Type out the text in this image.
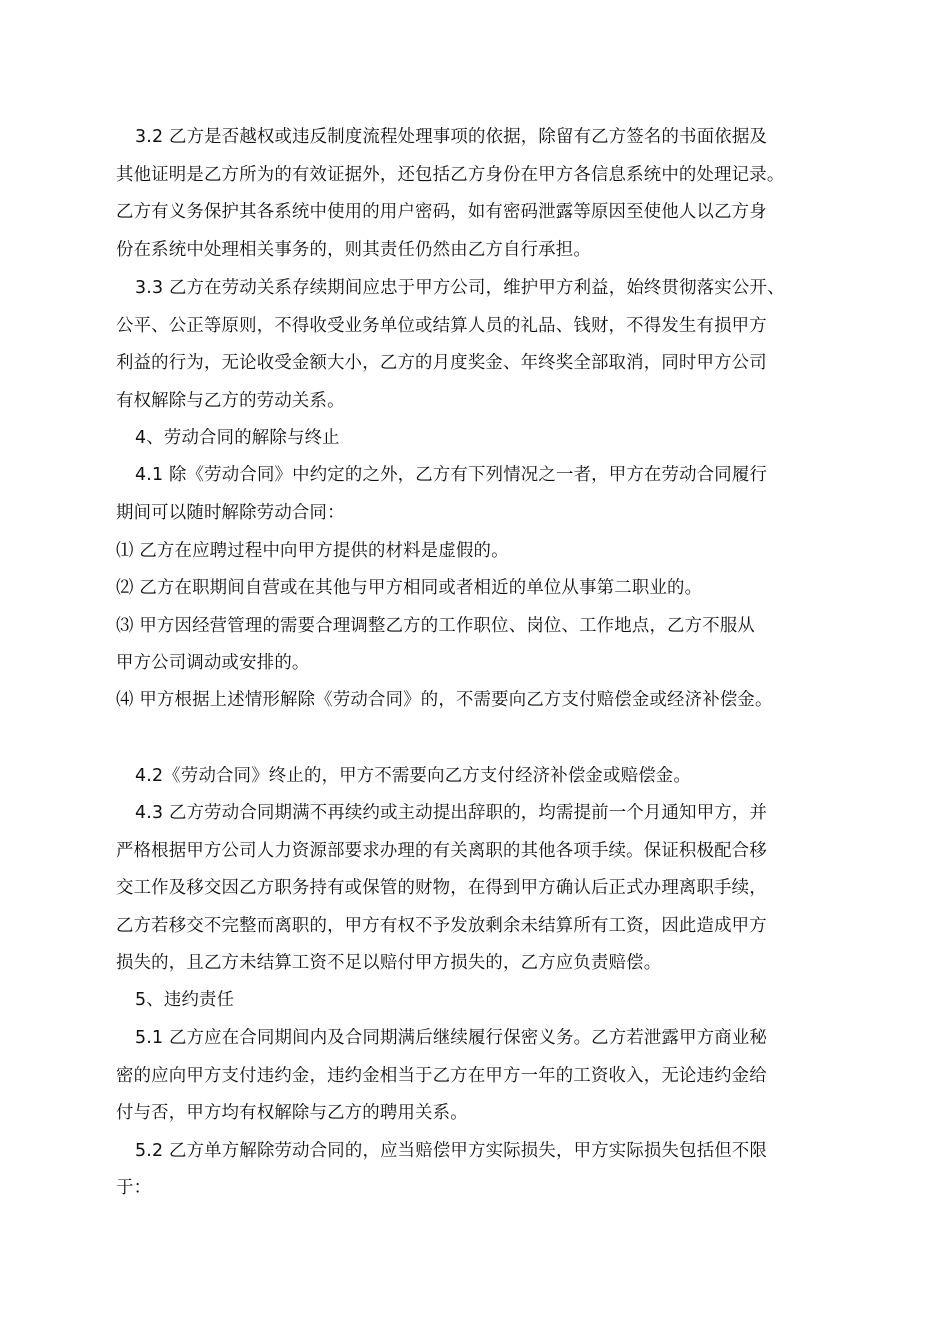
3.2 乙方是否越权或违反制度流程处理事项的依据，除留有乙方签名的书面依据及
其他证明是乙方所为的有效证据外，还包括乙方身份在甲方各信息系统中的处理记录。
乙方有义务保护其各系统中使用的用户密码，如有密码泄露等原因至使他人以乙方身
份在系统中处理相关事务的，则其责任仍然由乙方自行承担。
3.3 乙方在劳动关系存续期间应忠于甲方公司，维护甲方利益，始终贯彻落实公开、
公平、公正等原则，不得收受业务单位或结算人员的礼品、钱财，不得发生有损甲方
利益的行为，无论收受金额大小，乙方的月度奖金、年终奖全部取消，同时甲方公司
有权解除与乙方的劳动关系。
4、劳动合同的解除与终止
4.1 除《劳动合同》中约定的之外，乙方有下列情况之一者，甲方在劳动合同履行
期间可以随时解除劳动合同：
⑴ 乙方在应聘过程中向甲方提供的材料是虚假的。
⑵ 乙方在职期间自营或在其他与甲方相同或者相近的单位从事第二职业的。
⑶ 甲方因经营管理的需要合理调整乙方的工作职位、岗位、工作地点，乙方不服从
甲方公司调动或安排的。
⑷ 甲方根据上述情形解除《劳动合同》的，不需要向乙方支付赔偿金或经济补偿金。
4.2《劳动合同》终止的，甲方不需要向乙方支付经济补偿金或赔偿金。
4.3 乙方劳动合同期满不再续约或主动提出辞职的，均需提前一个月通知甲方，并
严格根据甲方公司人力资源部要求办理的有关离职的其他各项手续。保证积极配合移
交工作及移交因乙方职务持有或保管的财物，在得到甲方确认后正式办理离职手续，
乙方若移交不完整而离职的，甲方有权不予发放剩余未结算所有工资，因此造成甲方
损失的，且乙方未结算工资不足以赔付甲方损失的，乙方应负责赔偿。
5、违约责任
5.1 乙方应在合同期间内及合同期满后继续履行保密义务。乙方若泄露甲方商业秘
密的应向甲方支付违约金，违约金相当于乙方在甲方一年的工资收入，无论违约金给
付与否，甲方均有权解除与乙方的聘用关系。
5.2 乙方单方解除劳动合同的，应当赔偿甲方实际损失，甲方实际损失包括但不限
于：
